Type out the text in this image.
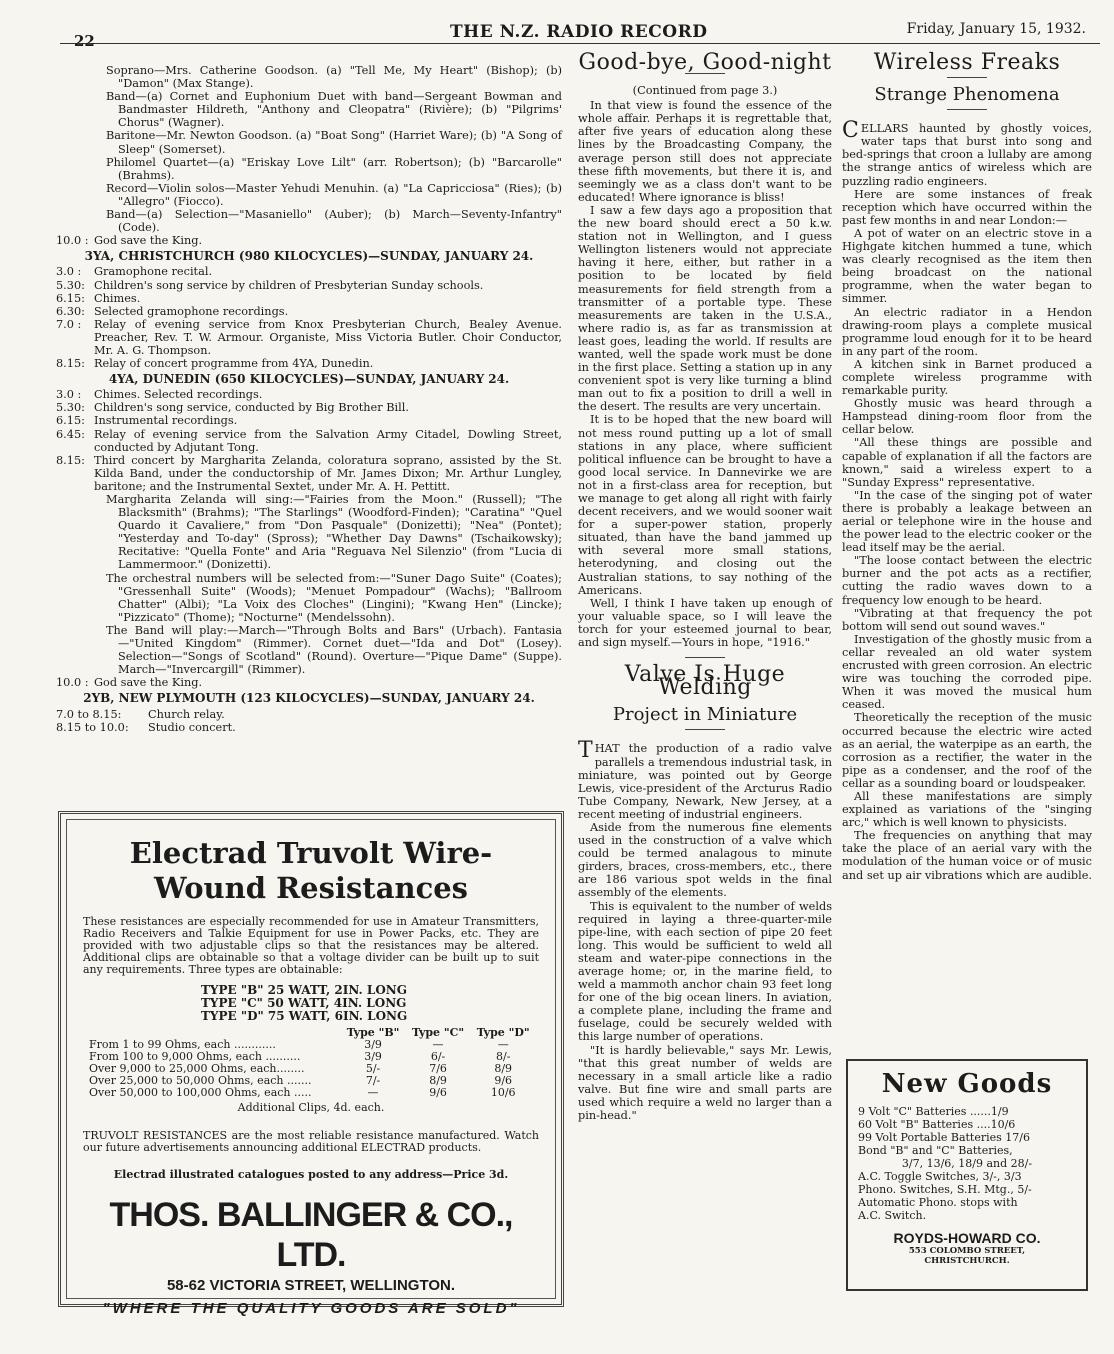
22	THE N.Z. RADIO RECORD	Friday, January 15, 1932.

Soprano—Mrs. Catherine Goodson. (a) "Tell Me, My Heart" (Bishop); (b) "Damon" (Max Stange).

Band—(a) Cornet and Euphonium Duet with band—Sergeant Bowman and Bandmaster Hildreth, "Anthony and Cleopatra" (Rivière); (b) "Pilgrims' Chorus" (Wagner).

Baritone—Mr. Newton Goodson. (a) "Boat Song" (Harriet Ware); (b) "A Song of Sleep" (Somerset).

Philomel Quartet—(a) "Eriskay Love Lilt" (arr. Robertson); (b) "Barcarolle" (Brahms).

Record—Violin solos—Master Yehudi Menuhin. (a) "La Capricciosa" (Ries); (b) "Allegro" (Fiocco).

Band—(a) Selection—"Masaniello" (Auber); (b) March—Seventy-Infantry" (Code).

10.0 : God save the King.
3YA, CHRISTCHURCH (980 KILOCYCLES)—SUNDAY, JANUARY 24.
3.0 :	Gramophone recital.
5.30: Children's song service by children of Presbyterian Sunday schools.
6.15: Chimes.
6.30: Selected gramophone recordings.
7.0 :	Relay of evening service from Knox Presbyterian Church, Bealey Avenue. Preacher, Rev. T. W. Armour. Organiste, Miss Victoria Butler. Choir Conductor, Mr. A. G. Thompson.
8.15: Relay of concert programme from 4YA, Dunedin.
4YA, DUNEDIN (650 KILOCYCLES)—SUNDAY, JANUARY 24.
3.0 :	Chimes. Selected recordings.
5.30: Children's song service, conducted by Big Brother Bill.
6.15: Instrumental recordings.
6.45: Relay of evening service from the Salvation Army Citadel, Dowling Street, conducted by Adjutant Tong.
8.15: Third concert by Margharita Zelanda, coloratura soprano, assisted by the St. Kilda Band, under the conductorship of Mr. James Dixon; Mr. Arthur Lungley, baritone; and the Instrumental Sextet, under Mr. A. H. Pettitt.

Margharita Zelanda will sing:—"Fairies from the Moon." (Russell); "The Blacksmith" (Brahms); "The Starlings" (Woodford-Finden); "Caratina" "Quel Quardo it Cavaliere," from "Don Pasquale" (Donizetti); "Nea" (Pontet); "Yesterday and To-day" (Spross); "Whether Day Dawns" (Tschaikowsky); Recitative: "Quella Fonte" and Aria "Reguava Nel Silenzio" (from "Lucia di Lammermoor." (Donizetti).

The orchestral numbers will be selected from:—"Suner Dago Suite" (Coates); "Gressenhall Suite" (Woods); "Menuet Pompadour" (Wachs); "Ballroom Chatter" (Albi); "La Voix des Cloches" (Lingini); "Kwang Hen" (Lincke); "Pizzicato" (Thome); "Nocturne" (Mendelssohn).

The Band will play:—March—"Through Bolts and Bars" (Urbach). Fantasia—"United Kingdom" (Rimmer). Cornet duet—"Ida and Dot" (Losey). Selection—"Songs of Scotland" (Round). Overture—"Pique Dame" (Suppe). March—"Invercargill" (Rimmer).

10.0 : God save the King.
2YB, NEW PLYMOUTH (123 KILOCYCLES)—SUNDAY, JANUARY 24.
7.0 to 8.15:	Church relay.
8.15 to 10.0:	Studio concert.
Electrad Truvolt Wire-
Wound Resistances
These resistances are especially recommended for use in Amateur Transmitters, Radio Receivers and Talkie Equipment for use in Power Packs, etc. They are provided with two adjustable clips so that the resistances may be altered. Additional clips are obtainable so that a voltage divider can be built up to suit any requirements. Three types are obtainable:
TYPE "B" 25 WATT, 2IN. LONG
TYPE "C" 50 WATT, 4IN. LONG
TYPE "D" 75 WATT, 6IN. LONG
	Type "B"	Type "C"	Type "D"
From 1 to 99 Ohms, each ............	3/9	—	—
From 100 to 9,000 Ohms, each ..........	3/9	6/-	8/-
Over 9,000 to 25,000 Ohms, each........	5/-	7/6	8/9
Over 25,000 to 50,000 Ohms, each .......	7/-	8/9	9/6
Over 50,000 to 100,000 Ohms, each .....	—	9/6	10/6
Additional Clips, 4d. each.
TRUVOLT RESISTANCES are the most reliable resistance manufactured. Watch our future advertisements announcing additional ELECTRAD products.
Electrad illustrated catalogues posted to any address—Price 3d.
THOS. BALLINGER & CO., LTD.
58-62 VICTORIA STREET, WELLINGTON.
"WHERE THE QUALITY GOODS ARE SOLD"
Good-bye, Good-night
(Continued from page 3.)

In that view is found the essence of the whole affair. Perhaps it is regrettable that, after five years of education along these lines by the Broadcasting Company, the average person still does not appreciate these fifth movements, but there it is, and seemingly we as a class don't want to be educated! Where ignorance is bliss!

I saw a few days ago a proposition that the new board should erect a 50 k.w. station not in Wellington, and I guess Wellington listeners would not appreciate having it here, either, but rather in a position to be located by field measurements for field strength from a transmitter of a portable type. These measurements are taken in the U.S.A., where radio is, as far as transmission at least goes, leading the world. If results are wanted, well the spade work must be done in the first place. Setting a station up in any convenient spot is very like turning a blind man out to fix a position to drill a well in the desert. The results are very uncertain.

It is to be hoped that the new board will not mess round putting up a lot of small stations in any place, where sufficient political influence can be brought to have a good local service. In Dannevirke we are not in a first-class area for reception, but we manage to get along all right with fairly decent receivers, and we would sooner wait for a super-power station, properly situated, than have the band jammed up with several more small stations, heterodyning, and closing out the Australian stations, to say nothing of the Americans.

Well, I think I have taken up enough of your valuable space, so I will leave the torch for your esteemed journal to bear, and sign myself.—Yours in hope, "1916."

Valve Is Huge Welding
Project in Miniature

THAT the production of a radio valve parallels a tremendous industrial task, in miniature, was pointed out by George Lewis, vice-president of the Arcturus Radio Tube Company, Newark, New Jersey, at a recent meeting of industrial engineers.

Aside from the numerous fine elements used in the construction of a valve which could be termed analagous to minute girders, braces, cross-members, etc., there are 186 various spot welds in the final assembly of the elements.

This is equivalent to the number of welds required in laying a three-quarter-mile pipe-line, with each section of pipe 20 feet long. This would be sufficient to weld all steam and water-pipe connections in the average home; or, in the marine field, to weld a mammoth anchor chain 93 feet long for one of the big ocean liners. In aviation, a complete plane, including the frame and fuselage, could be securely welded with this large number of operations.

"It is hardly believable," says Mr. Lewis, "that this great number of welds are necessary in a small article like a radio valve. But fine wire and small parts are used which require a weld no larger than a pin-head."

Wireless Freaks
Strange Phenomena

CELLARS haunted by ghostly voices, water taps that burst into song and bed-springs that croon a lullaby are among the strange antics of wireless which are puzzling radio engineers.

Here are some instances of freak reception which have occurred within the past few months in and near London:—

A pot of water on an electric stove in a Highgate kitchen hummed a tune, which was clearly recognised as the item then being broadcast on the national programme, when the water began to simmer.

An electric radiator in a Hendon drawing-room plays a complete musical programme loud enough for it to be heard in any part of the room.

A kitchen sink in Barnet produced a complete wireless programme with remarkable purity.

Ghostly music was heard through a Hampstead dining-room floor from the cellar below.

"All these things are possible and capable of explanation if all the factors are known," said a wireless expert to a "Sunday Express" representative.

"In the case of the singing pot of water there is probably a leakage between an aerial or telephone wire in the house and the power lead to the electric cooker or the lead itself may be the aerial.

"The loose contact between the electric burner and the pot acts as a rectifier, cutting the radio waves down to a frequency low enough to be heard.

"Vibrating at that frequency the pot bottom will send out sound waves."

Investigation of the ghostly music from a cellar revealed an old water system encrusted with green corrosion. An electric wire was touching the corroded pipe. When it was moved the musical hum ceased.

Theoretically the reception of the music occurred because the electric wire acted as an aerial, the waterpipe as an earth, the corrosion as a rectifier, the water in the pipe as a condenser, and the roof of the cellar as a sounding board or loudspeaker.

All these manifestations are simply explained as variations of the "singing arc," which is well known to physicists.

The frequencies on anything that may take the place of an aerial vary with the modulation of the human voice or of music and set up air vibrations which are audible.

New Goods
9 Volt "C" Batteries ......1/9
60 Volt "B" Batteries ....10/6
99 Volt Portable Batteries 17/6
Bond "B" and "C" Batteries,
3/7, 13/6, 18/9 and 28/-
A.C. Toggle Switches, 3/-, 3/3
Phono. Switches, S.H. Mtg., 5/-
Automatic Phono. stops with
A.C. Switch.
ROYDS-HOWARD CO.
553 COLOMBO STREET,
CHRISTCHURCH.
